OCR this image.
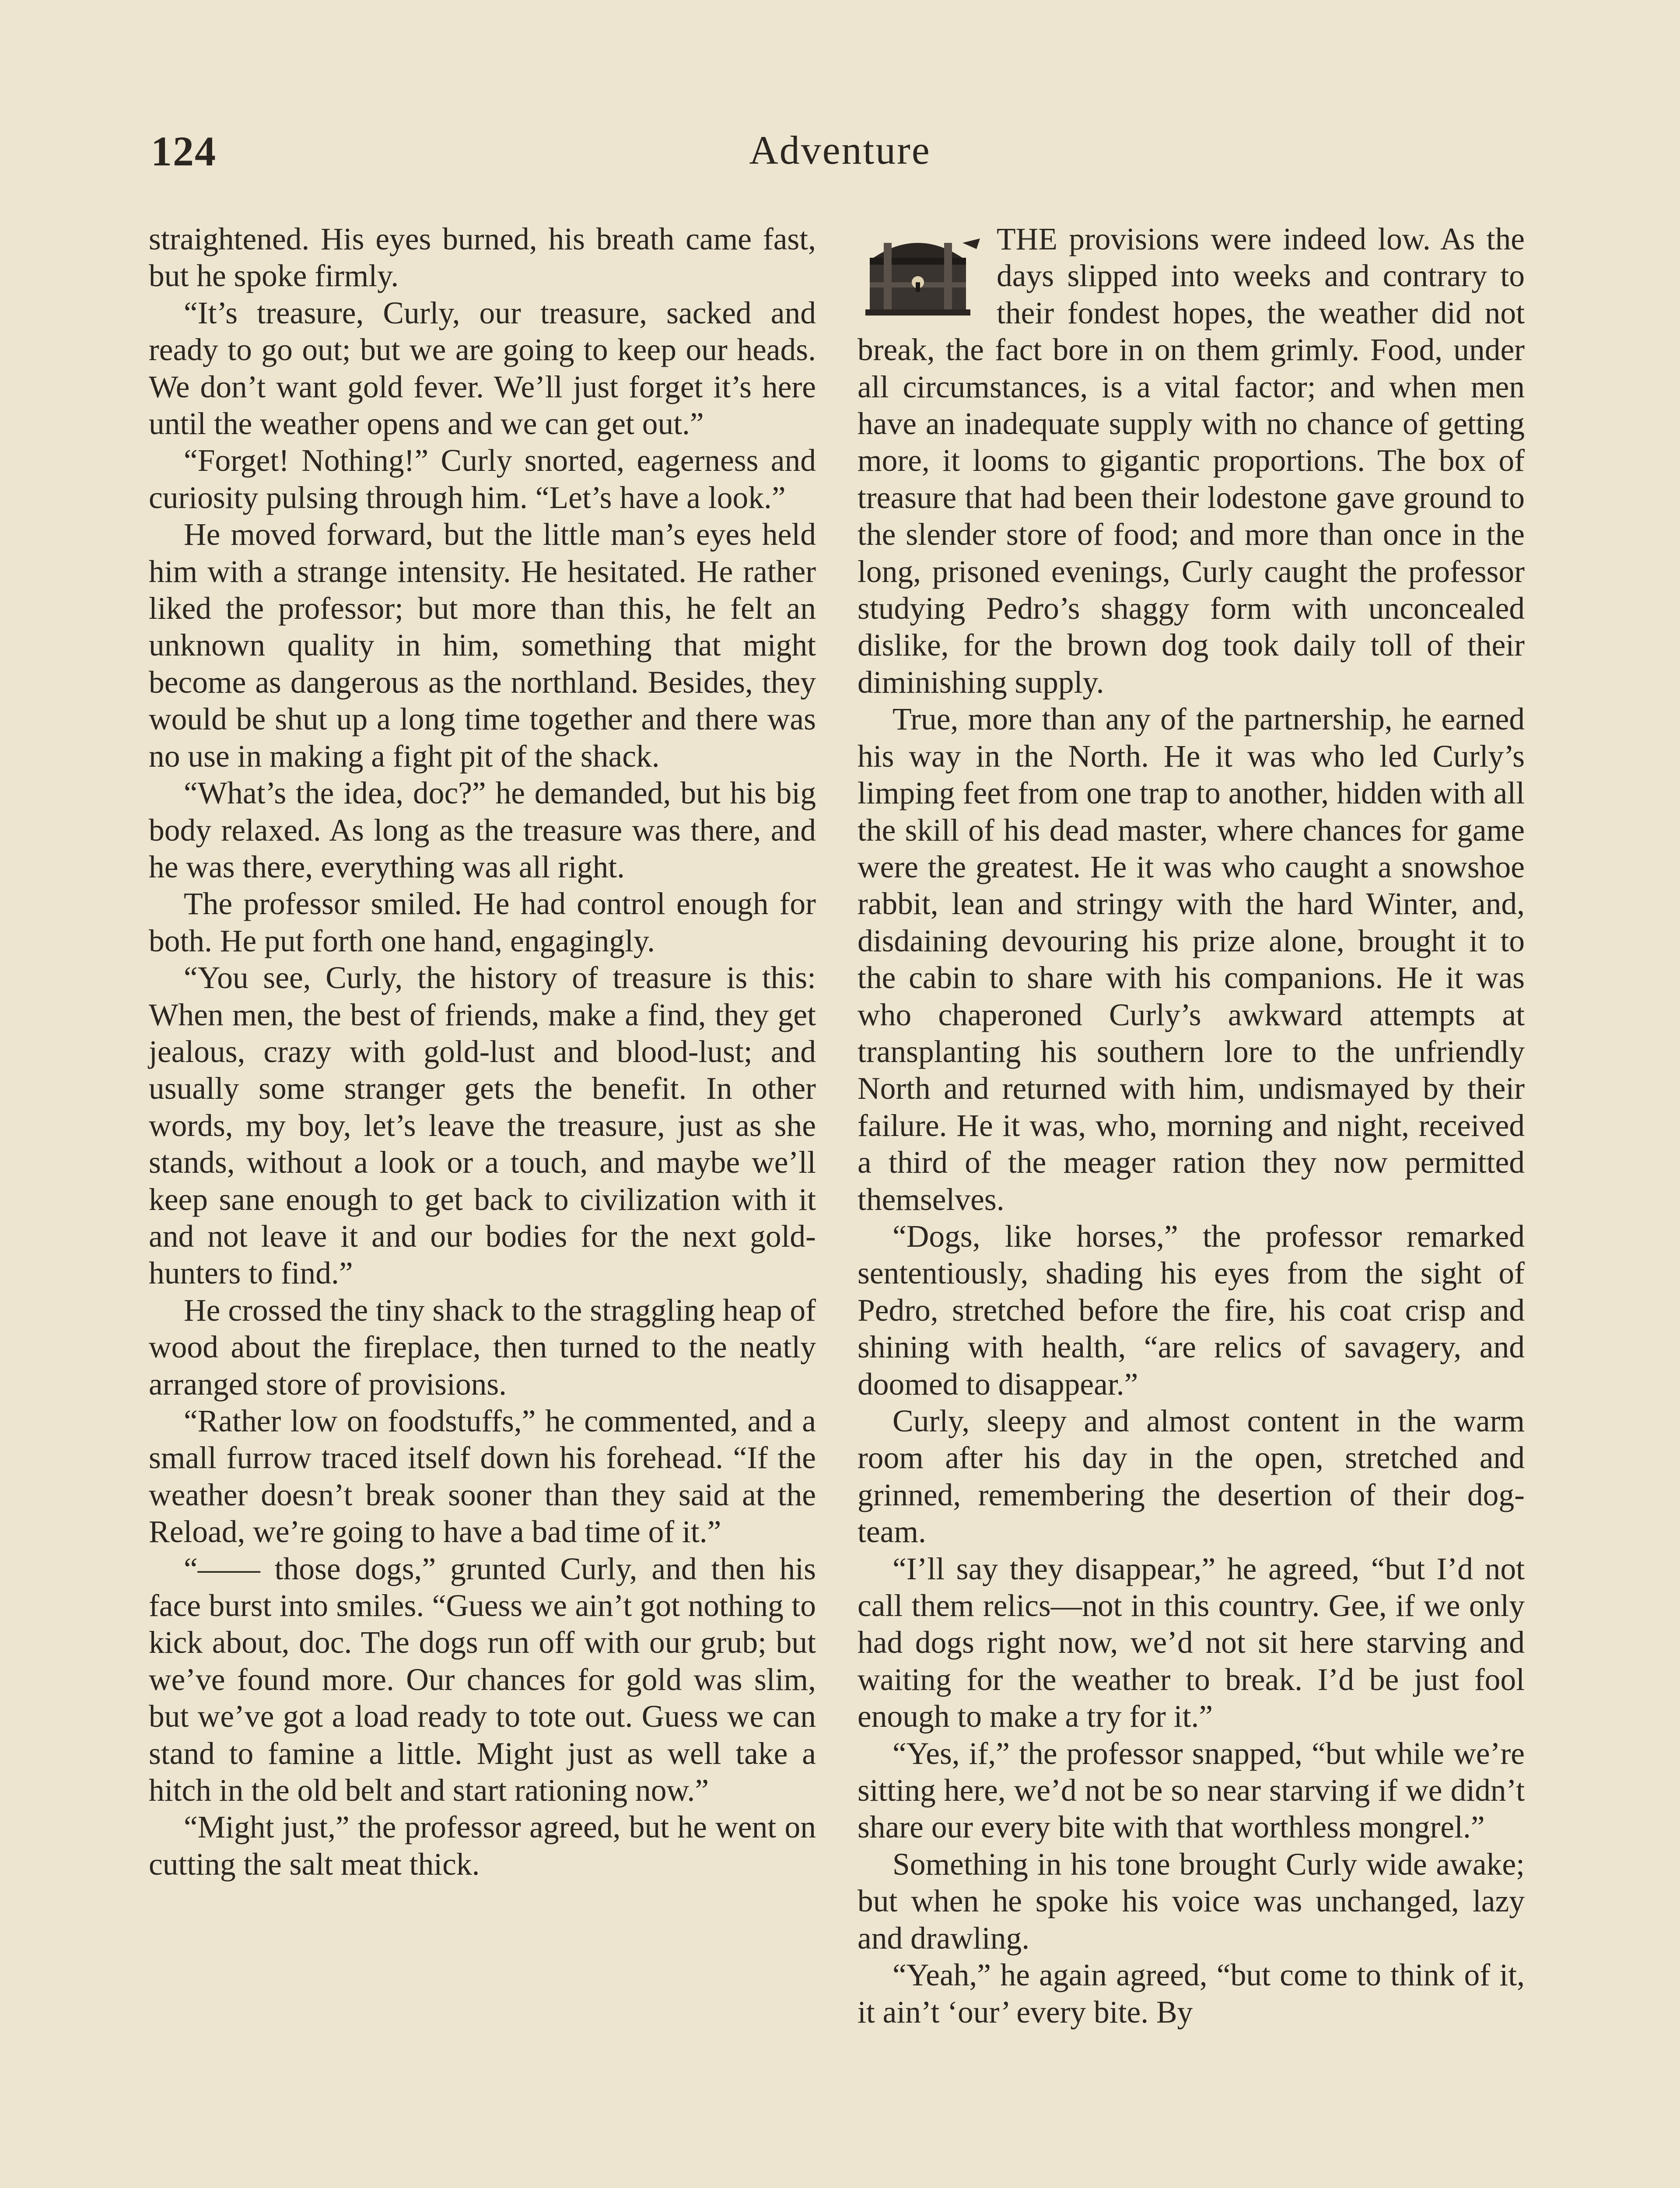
124	Adventure

straightened. His eyes burned, his breath came fast, but he spoke firmly.

“It’s treasure, Curly, our treasure, sacked and ready to go out; but we are going to keep our heads. We don’t want gold fever. We’ll just forget it’s here until the weather opens and we can get out.”

“Forget! Nothing!” Curly snorted, eagerness and curiosity pulsing through him. “Let’s have a look.”

He moved forward, but the little man’s eyes held him with a strange intensity. He hesitated. He rather liked the professor; but more than this, he felt an unknown quality in him, something that might become as dangerous as the northland. Besides, they would be shut up a long time together and there was no use in making a fight pit of the shack.

“What’s the idea, doc?” he demanded, but his big body relaxed. As long as the treasure was there, and he was there, everything was all right.

The professor smiled. He had control enough for both. He put forth one hand, engagingly.

“You see, Curly, the history of treasure is this: When men, the best of friends, make a find, they get jealous, crazy with gold-lust and blood-lust; and usually some stranger gets the benefit. In other words, my boy, let’s leave the treasure, just as she stands, without a look or a touch, and maybe we’ll keep sane enough to get back to civilization with it and not leave it and our bodies for the next gold-hunters to find.”

He crossed the tiny shack to the straggling heap of wood about the fireplace, then turned to the neatly arranged store of provisions.

“Rather low on foodstuffs,” he commented, and a small furrow traced itself down his forehead. “If the weather doesn’t break sooner than they said at the Reload, we’re going to have a bad time of it.”

“—— those dogs,” grunted Curly, and then his face burst into smiles. “Guess we ain’t got nothing to kick about, doc. The dogs run off with our grub; but we’ve found more. Our chances for gold was slim, but we’ve got a load ready to tote out. Guess we can stand to famine a little. Might just as well take a hitch in the old belt and start rationing now.”

“Might just,” the professor agreed, but he went on cutting the salt meat thick.

THE provisions were indeed low. As the days slipped into weeks and contrary to their fondest hopes, the weather did not break, the fact bore in on them grimly. Food, under all circumstances, is a vital factor; and when men have an inadequate supply with no chance of getting more, it looms to gigantic proportions. The box of treasure that had been their lodestone gave ground to the slender store of food; and more than once in the long, prisoned evenings, Curly caught the professor studying Pedro’s shaggy form with unconcealed dislike, for the brown dog took daily toll of their diminishing supply.

True, more than any of the partnership, he earned his way in the North. He it was who led Curly’s limping feet from one trap to another, hidden with all the skill of his dead master, where chances for game were the greatest. He it was who caught a snowshoe rabbit, lean and stringy with the hard Winter, and, disdaining devouring his prize alone, brought it to the cabin to share with his companions. He it was who chaperoned Curly’s awkward attempts at transplanting his southern lore to the unfriendly North and returned with him, undismayed by their failure. He it was, who, morning and night, received a third of the meager ration they now permitted themselves.

“Dogs, like horses,” the professor remarked sententiously, shading his eyes from the sight of Pedro, stretched before the fire, his coat crisp and shining with health, “are relics of savagery, and doomed to disappear.”

Curly, sleepy and almost content in the warm room after his day in the open, stretched and grinned, remembering the desertion of their dog-team.

“I’ll say they disappear,” he agreed, “but I’d not call them relics—not in this country. Gee, if we only had dogs right now, we’d not sit here starving and waiting for the weather to break. I’d be just fool enough to make a try for it.”

“Yes, if,” the professor snapped, “but while we’re sitting here, we’d not be so near starving if we didn’t share our every bite with that worthless mongrel.”

Something in his tone brought Curly wide awake; but when he spoke his voice was unchanged, lazy and drawling.

“Yeah,” he again agreed, “but come to think of it, it ain’t ‘our’ every bite. By
